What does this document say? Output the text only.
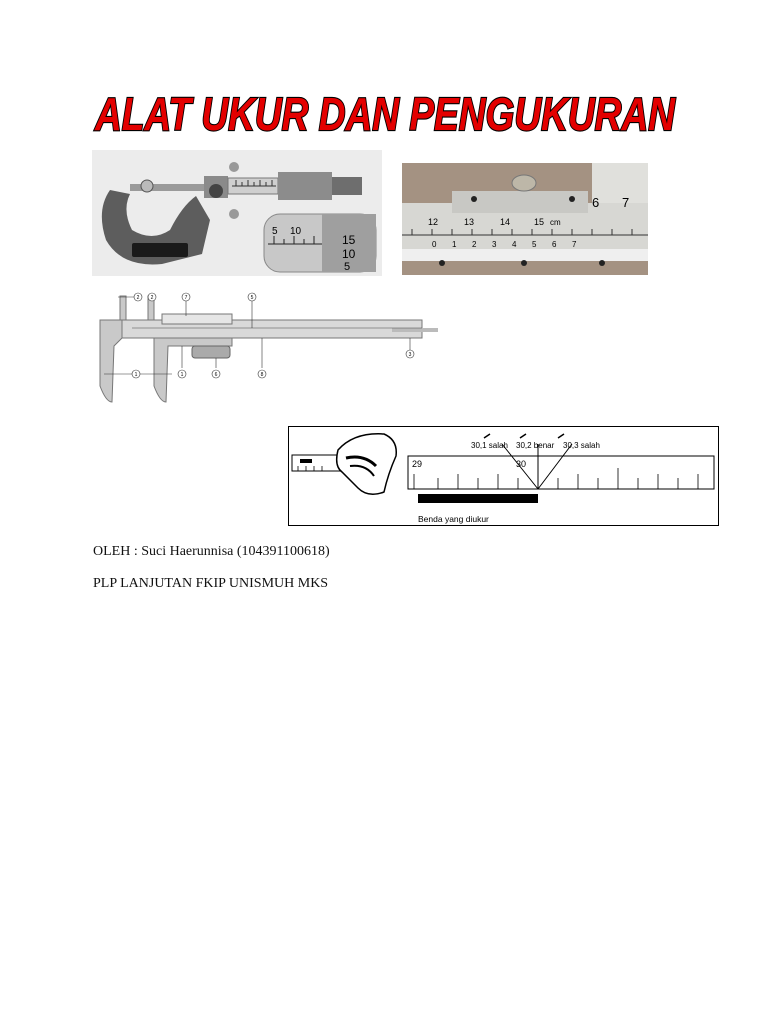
ALAT UKUR DAN PENGUKURAN
5 10
15
10
5
12	13	14	15 cm
6 7
0 1 2 3 4 5 6 7
2 2	7	5
3
1	1	6	8
Benda yang diukur
29	30
30,1 salah 30,2 benar 30,3 salah
OLEH : Suci Haerunnisa (104391100618)
PLP LANJUTAN FKIP UNISMUH MKS
